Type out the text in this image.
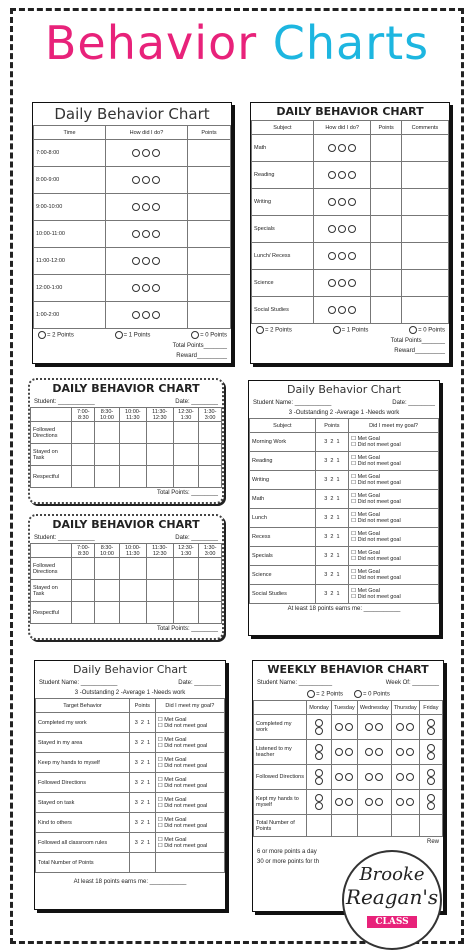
Behavior Charts
Daily Behavior Chart
Time	How did I do?	Points
7:00-8:00		
8:00-9:00		
9:00-10:00		
10:00-11:00		
11:00-12:00		
12:00-1:00		
1:00-2:00		
= 2 Points	= 1 Points	= 0 Points
Total Points_______
Reward_________
DAILY BEHAVIOR CHART
Subject	How did I do?	Points	Comments
Math			
Reading			
Writing			
Specials			
Lunch/ Recess			
Science			
Social Studies			
= 2 Points	= 1 Points	= 0 Points
Total Points_______
Reward_________
DAILY BEHAVIOR CHART
Student: ___________	Date: ________
	7:00-8:30	8:30-10:00	10:00-11:30	11:30-12:30	12:30-1:30	1:30-3:00
Followed Directions						
Stayed on Task						
Respectful						
Total Points: ________
DAILY BEHAVIOR CHART
Student: ___________	Date: ________
	7:00-8:30	8:30-10:00	10:00-11:30	11:30-12:30	12:30-1:30	1:30-3:00
Followed Directions						
Stayed on Task						
Respectful						
Total Points: ________
Daily Behavior Chart
Student Name: ___________	Date: ________
3 -Outstanding 2 -Average 1 -Needs work
Subject	Points	Did I meet my goal?
Morning Work	3 2 1	☐ Met Goal
☐ Did not meet goal

Reading	3 2 1	☐ Met Goal
☐ Did not meet goal

Writing	3 2 1	☐ Met Goal
☐ Did not meet goal

Math	3 2 1	☐ Met Goal
☐ Did not meet goal

Lunch	3 2 1	☐ Met Goal
☐ Did not meet goal

Recess	3 2 1	☐ Met Goal
☐ Did not meet goal

Specials	3 2 1	☐ Met Goal
☐ Did not meet goal

Science	3 2 1	☐ Met Goal
☐ Did not meet goal

Social Studies	3 2 1	☐ Met Goal
☐ Did not meet goal
At least 18 points earns me: ___________
Daily Behavior Chart
Student Name: ___________	Date: ________
3 -Outstanding 2 -Average 1 -Needs work
Target Behavior	Points	Did I meet my goal?
Completed my work	3 2 1	☐ Met Goal
☐ Did not meet goal

Stayed in my area	3 2 1	☐ Met Goal
☐ Did not meet goal

Keep my hands to myself	3 2 1	☐ Met Goal
☐ Did not meet goal

Followed Directions	3 2 1	☐ Met Goal
☐ Did not meet goal

Stayed on task	3 2 1	☐ Met Goal
☐ Did not meet goal

Kind to others	3 2 1	☐ Met Goal
☐ Did not meet goal

Followed all classroom rules	3 2 1	☐ Met Goal
☐ Did not meet goal

Total Number of Points		
At least 18 points earns me: ___________
WEEKLY BEHAVIOR CHART
Student Name: __________	Week Of: ________
= 2 Points	= 0 Points
	Monday	Tuesday	Wednesday	Thursday	Friday
Completed my work					
Listened to my teacher					
Followed Directions					
Kept my hands to myself					
Total Number of Points					
Rew
6 or more points a day
30 or more points for th
Brooke
Reagan's
CLASS
